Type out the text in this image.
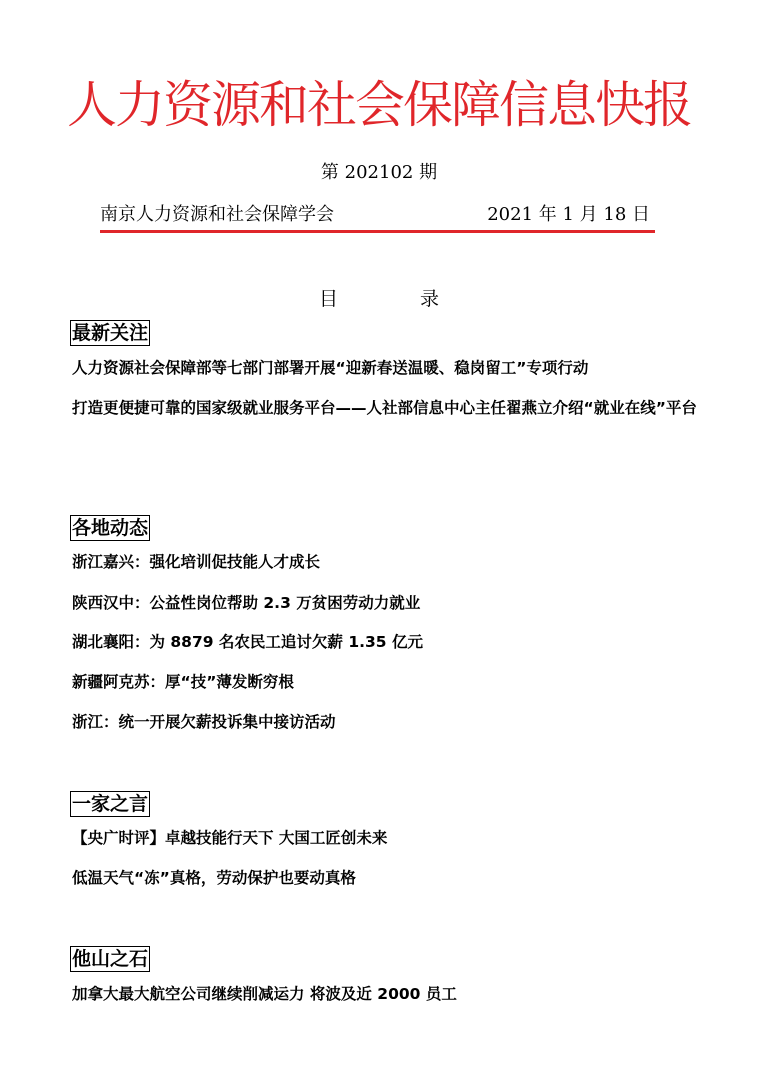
人力资源和社会保障信息快报
第 202102 期
南京人力资源和社会保障学会	2021 年 1 月 18 日
目 录
最新关注
人力资源社会保障部等七部门部署开展“迎新春送温暖、稳岗留工”专项行动
打造更便捷可靠的国家级就业服务平台——人社部信息中心主任翟燕立介绍“就业在线”平台
各地动态
浙江嘉兴：强化培训促技能人才成长
陕西汉中：公益性岗位帮助 2.3 万贫困劳动力就业
湖北襄阳：为 8879 名农民工追讨欠薪 1.35 亿元
新疆阿克苏：厚“技”薄发断穷根
浙江：统一开展欠薪投诉集中接访活动
一家之言
【央广时评】卓越技能行天下 大国工匠创未来
低温天气“冻”真格，劳动保护也要动真格
他山之石
加拿大最大航空公司继续削减运力 将波及近 2000 员工
